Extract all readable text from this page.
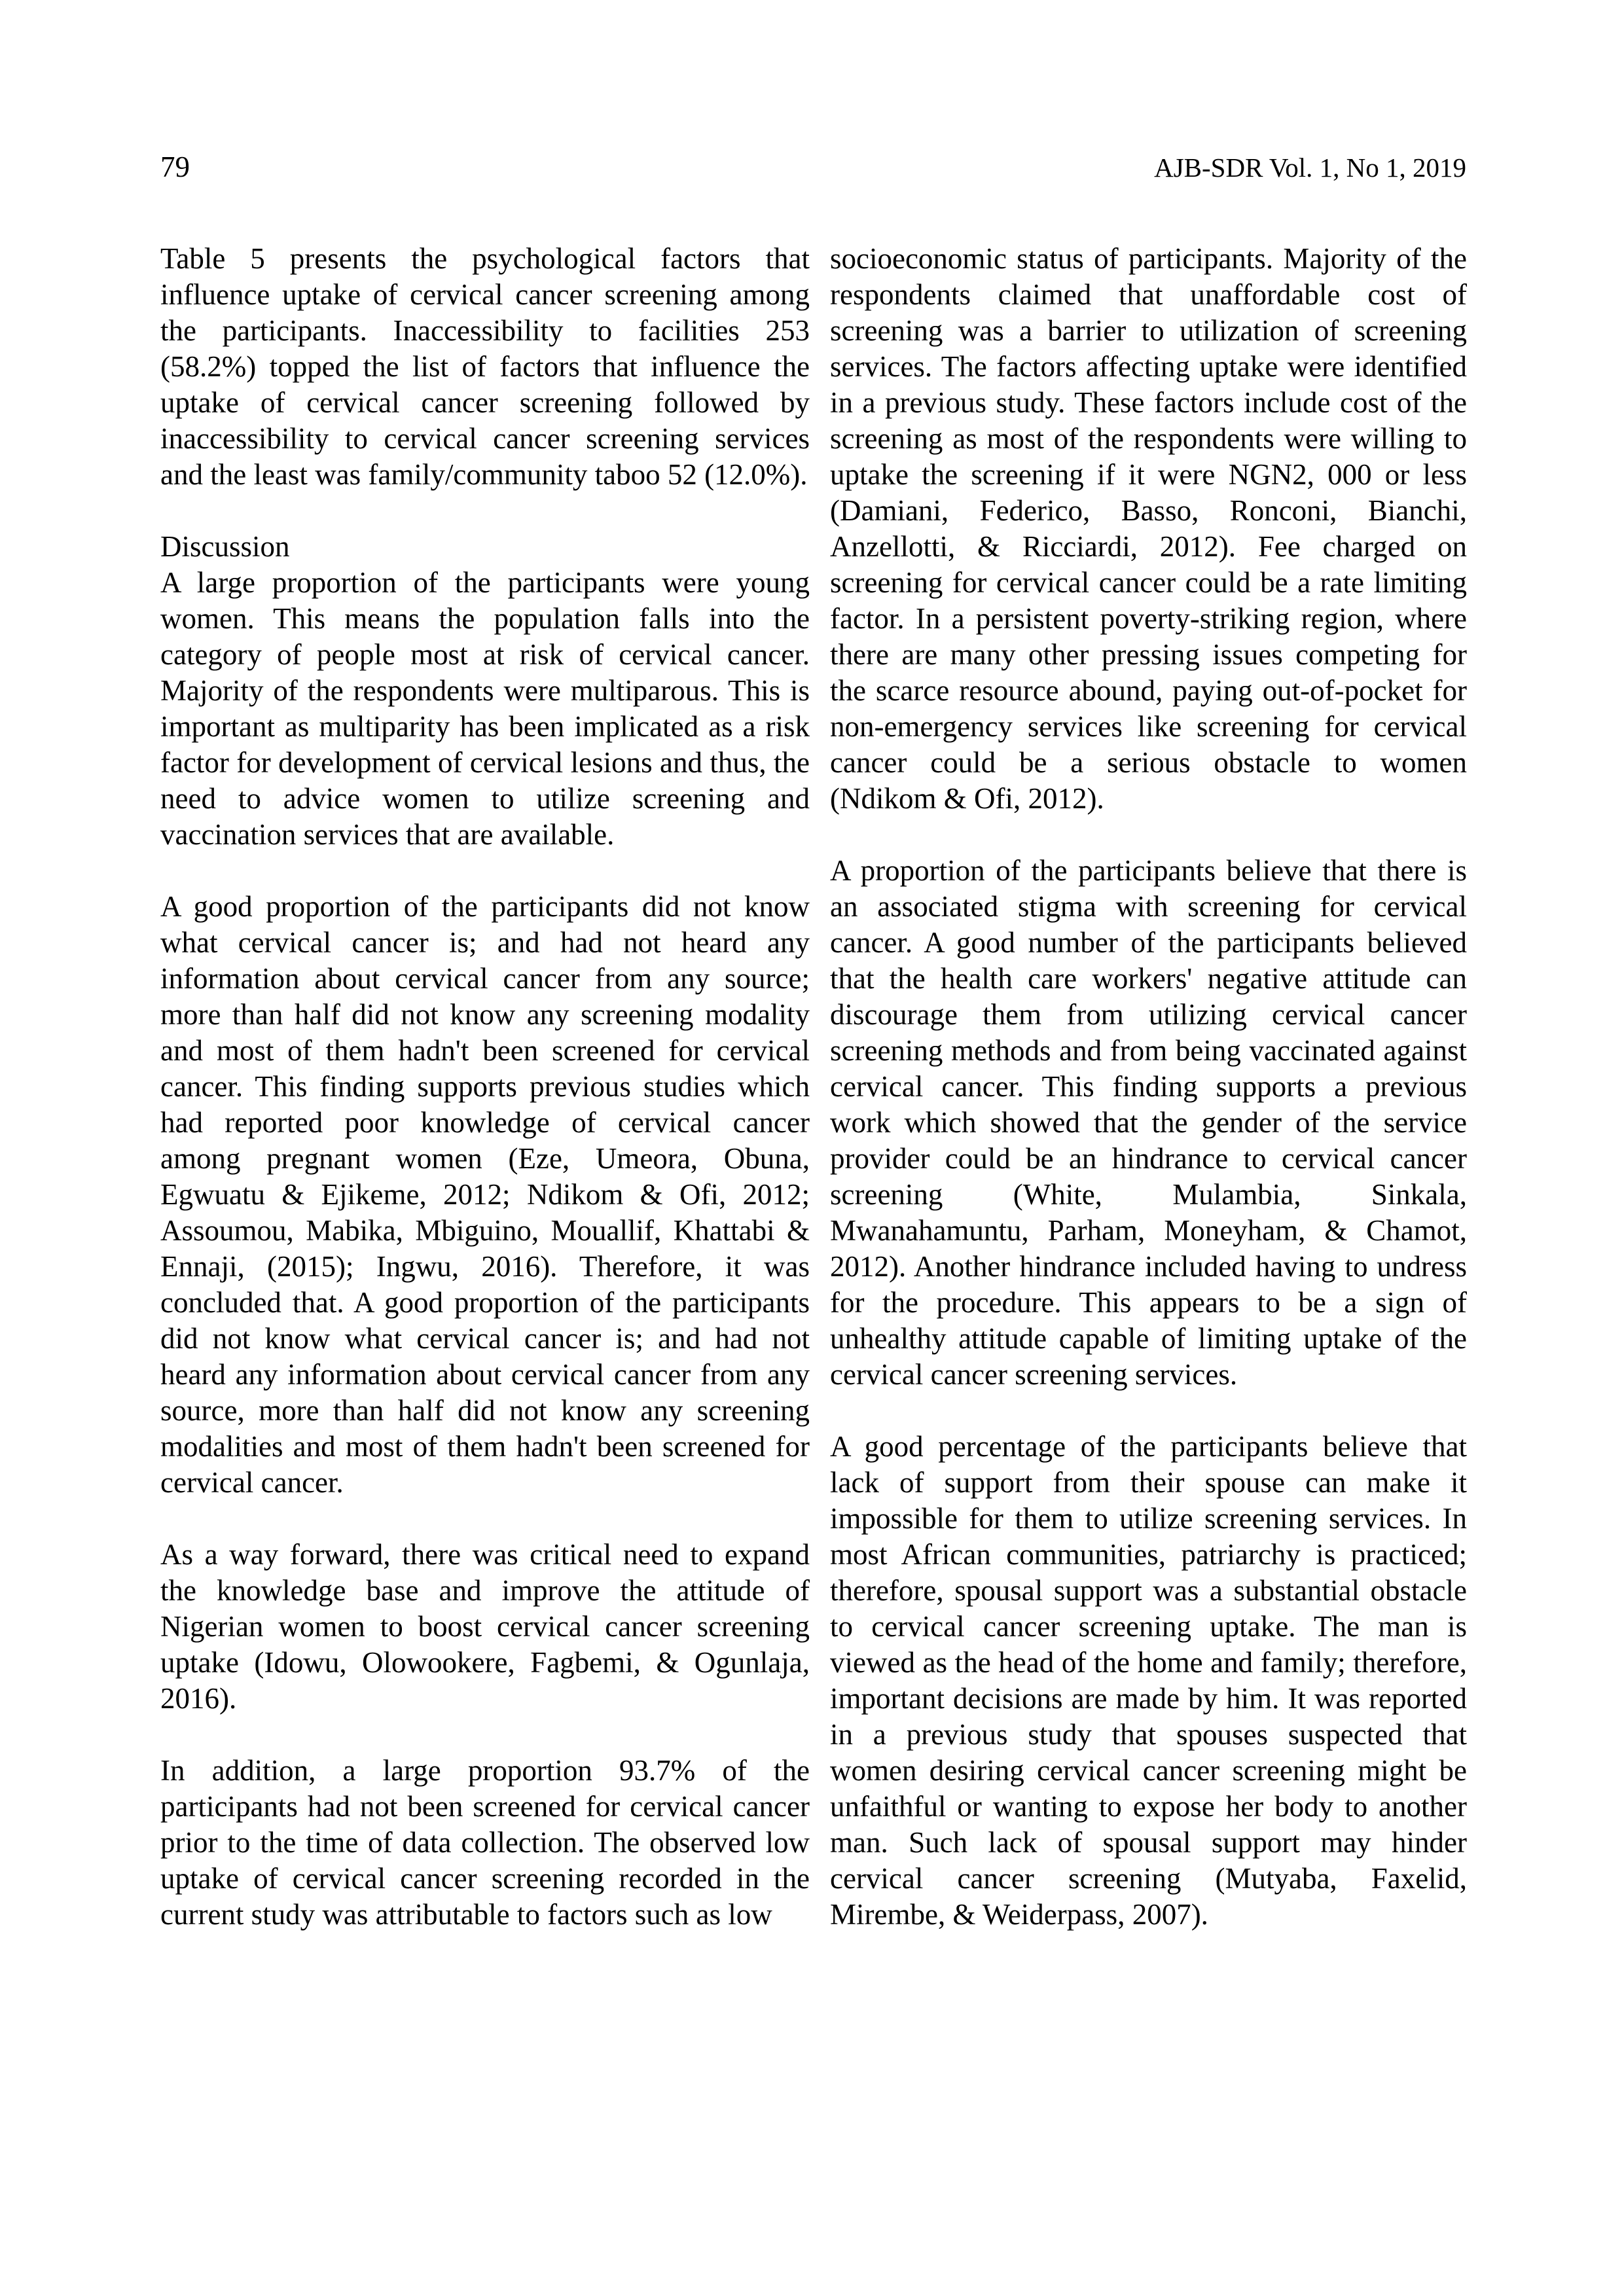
79	AJB-SDR Vol. 1, No 1, 2019

Table 5 presents the psychological factors that influence uptake of cervical cancer screening among the participants. Inaccessibility to facilities 253 (58.2%) topped the list of factors that influence the uptake of cervical cancer screening followed by inaccessibility to cervical cancer screening services and the least was family/community taboo 52 (12.0%).

Discussion

A large proportion of the participants were young women. This means the population falls into the category of people most at risk of cervical cancer. Majority of the respondents were multiparous. This is important as multiparity has been implicated as a risk factor for development of cervical lesions and thus, the need to advice women to utilize screening and vaccination services that are available.

A good proportion of the participants did not know what cervical cancer is; and had not heard any information about cervical cancer from any source; more than half did not know any screening modality and most of them hadn't been screened for cervical cancer. This finding supports previous studies which had reported poor knowledge of cervical cancer among pregnant women (Eze, Umeora, Obuna, Egwuatu & Ejikeme, 2012; Ndikom & Ofi, 2012; Assoumou, Mabika, Mbiguino, Mouallif, Khattabi & Ennaji, (2015); Ingwu, 2016). Therefore, it was concluded that. A good proportion of the participants did not know what cervical cancer is; and had not heard any information about cervical cancer from any source, more than half did not know any screening modalities and most of them hadn't been screened for cervical cancer.

As a way forward, there was critical need to expand the knowledge base and improve the attitude of Nigerian women to boost cervical cancer screening uptake (Idowu, Olowookere, Fagbemi, & Ogunlaja, 2016).

In addition, a large proportion 93.7% of the participants had not been screened for cervical cancer prior to the time of data collection. The observed low uptake of cervical cancer screening recorded in the current study was attributable to factors such as low

socioeconomic status of participants. Majority of the respondents claimed that unaffordable cost of screening was a barrier to utilization of screening services. The factors affecting uptake were identified in a previous study. These factors include cost of the screening as most of the respondents were willing to uptake the screening if it were NGN2, 000 or less (Damiani, Federico, Basso, Ronconi, Bianchi, Anzellotti, & Ricciardi, 2012). Fee charged on screening for cervical cancer could be a rate limiting factor. In a persistent poverty-striking region, where there are many other pressing issues competing for the scarce resource abound, paying out-of-pocket for non-emergency services like screening for cervical cancer could be a serious obstacle to women (Ndikom & Ofi, 2012).

A proportion of the participants believe that there is an associated stigma with screening for cervical cancer. A good number of the participants believed that the health care workers' negative attitude can discourage them from utilizing cervical cancer screening methods and from being vaccinated against cervical cancer. This finding supports a previous work which showed that the gender of the service provider could be an hindrance to cervical cancer screening (White, Mulambia, Sinkala, Mwanahamuntu, Parham, Moneyham, & Chamot, 2012). Another hindrance included having to undress for the procedure. This appears to be a sign of unhealthy attitude capable of limiting uptake of the cervical cancer screening services.

A good percentage of the participants believe that lack of support from their spouse can make it impossible for them to utilize screening services. In most African communities, patriarchy is practiced; therefore, spousal support was a substantial obstacle to cervical cancer screening uptake. The man is viewed as the head of the home and family; therefore, important decisions are made by him. It was reported in a previous study that spouses suspected that women desiring cervical cancer screening might be unfaithful or wanting to expose her body to another man. Such lack of spousal support may hinder cervical cancer screening (Mutyaba, Faxelid, Mirembe, & Weiderpass, 2007).
